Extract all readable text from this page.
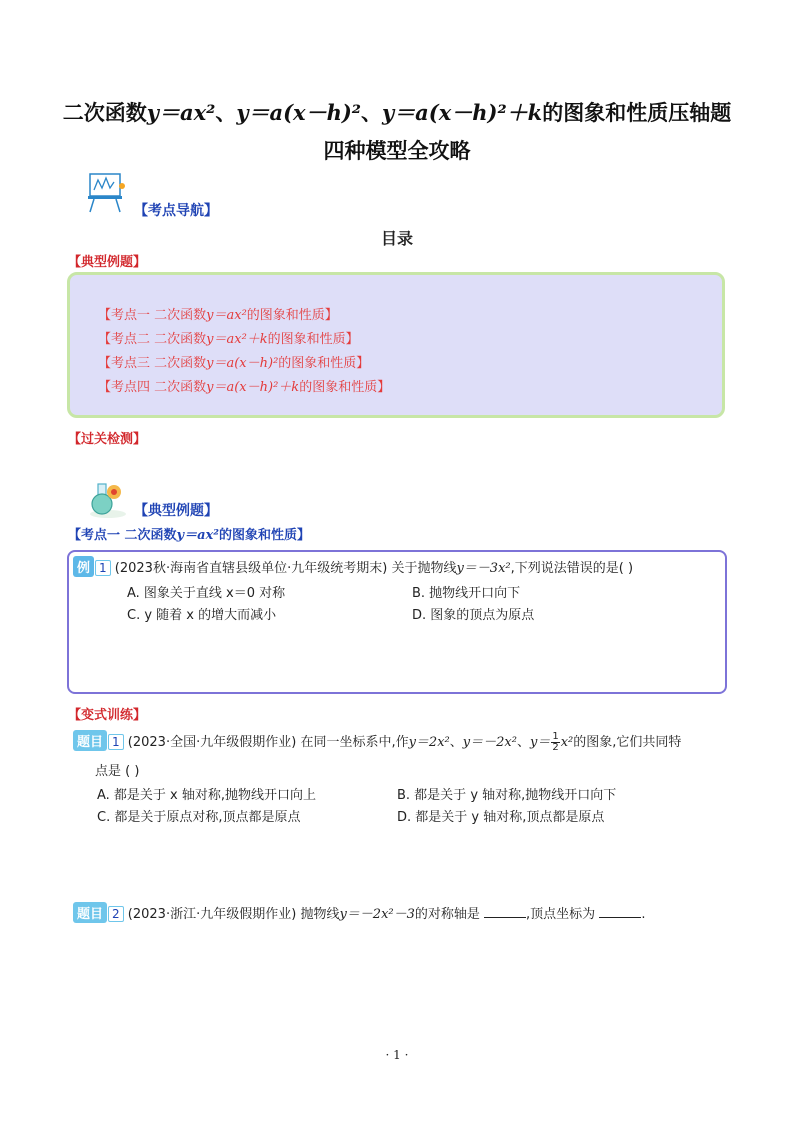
二次函数y＝ax²、y＝a(x－h)²、y＝a(x－h)²＋k的图象和性质压轴题
四种模型全攻略
【考点导航】
目录
【典型例题】
【考点一 二次函数y＝ax²的图象和性质】
【考点二 二次函数y＝ax²＋k的图象和性质】
【考点三 二次函数y＝a(x－h)²的图象和性质】
【考点四 二次函数y＝a(x－h)²＋k的图象和性质】
【过关检测】
【典型例题】
【考点一 二次函数y＝ax²的图象和性质】
例 1 (2023秋·海南省直辖县级单位·九年级统考期末) 关于抛物线y＝－3x²,下列说法错误的是( )
A. 图象关于直线 x＝0 对称	B. 抛物线开口向下
C. y 随着 x 的增大而减小	D. 图象的顶点为原点
【变式训练】
题目 1 (2023·全国·九年级假期作业) 在同一坐标系中,作y＝2x²、y＝－2x²、$y= \frac{1}{2} x^2$的图象,它们共同特
点是 ( )
A. 都是关于 x 轴对称,抛物线开口向上	B. 都是关于 y 轴对称,抛物线开口向下
C. 都是关于原点对称,顶点都是原点	D. 都是关于 y 轴对称,顶点都是原点
题目 2 (2023·浙江·九年级假期作业) 抛物线y＝－2x²－3的对称轴是	,顶点坐标为	.
· 1 ·
